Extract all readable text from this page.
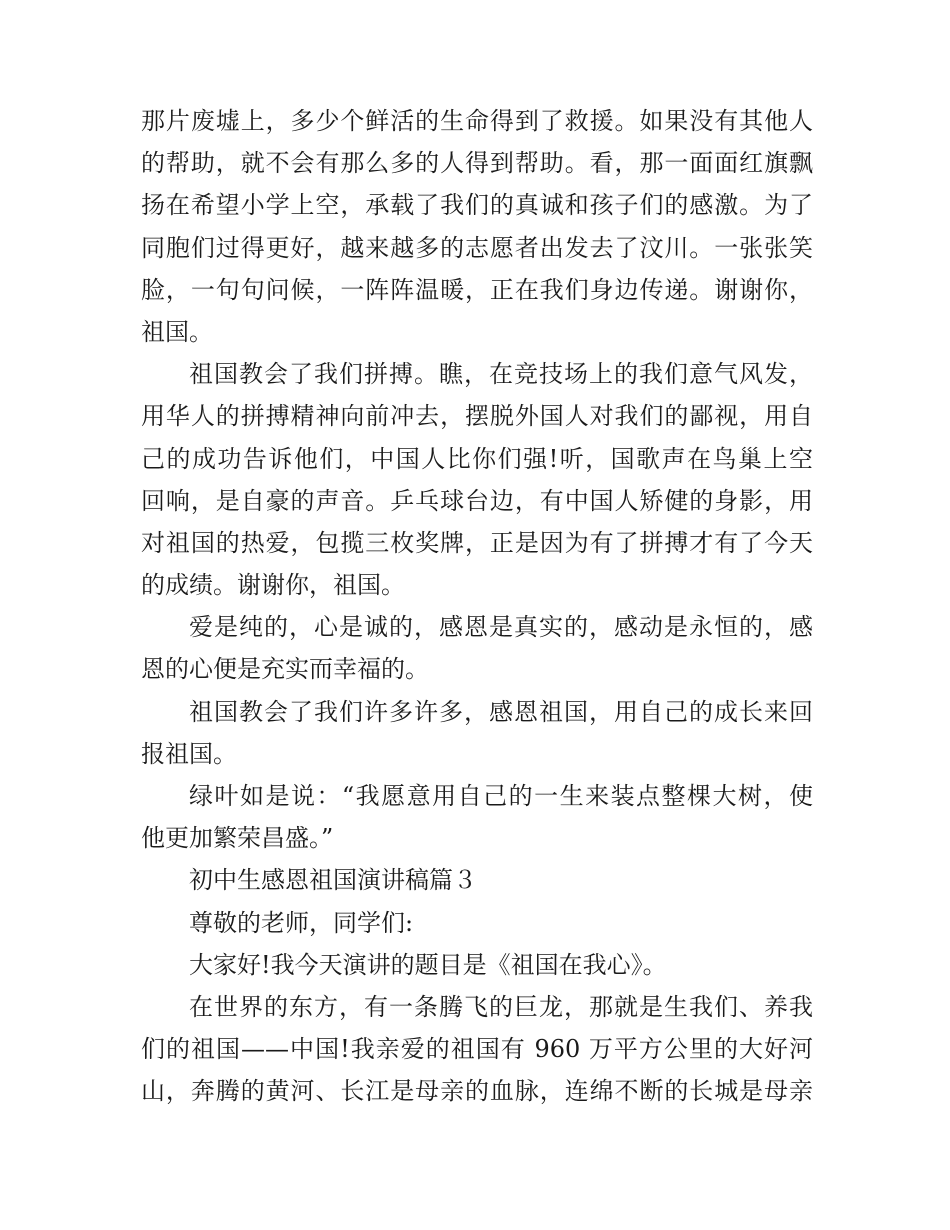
那片废墟上，多少个鲜活的生命得到了救援。如果没有其他人
的帮助，就不会有那么多的人得到帮助。看，那一面面红旗飘
扬在希望小学上空，承载了我们的真诚和孩子们的感激。为了
同胞们过得更好，越来越多的志愿者出发去了汶川。一张张笑
脸，一句句问候，一阵阵温暖，正在我们身边传递。谢谢你，
祖国。
祖国教会了我们拼搏。瞧，在竞技场上的我们意气风发，
用华人的拼搏精神向前冲去，摆脱外国人对我们的鄙视，用自
己的成功告诉他们，中国人比你们强!听，国歌声在鸟巢上空
回响，是自豪的声音。乒乓球台边，有中国人矫健的身影，用
对祖国的热爱，包揽三枚奖牌，正是因为有了拼搏才有了今天
的成绩。谢谢你，祖国。
爱是纯的，心是诚的，感恩是真实的，感动是永恒的，感
恩的心便是充实而幸福的。
祖国教会了我们许多许多，感恩祖国，用自己的成长来回
报祖国。
绿叶如是说：“我愿意用自己的一生来装点整棵大树，使
他更加繁荣昌盛。”
初中生感恩祖国演讲稿篇３
尊敬的老师，同学们:
大家好!我今天演讲的题目是《祖国在我心》。
在世界的东方，有一条腾飞的巨龙，那就是生我们、养我
们的祖国——中国!我亲爱的祖国有 960 万平方公里的大好河
山，奔腾的黄河、长江是母亲的血脉，连绵不断的长城是母亲
